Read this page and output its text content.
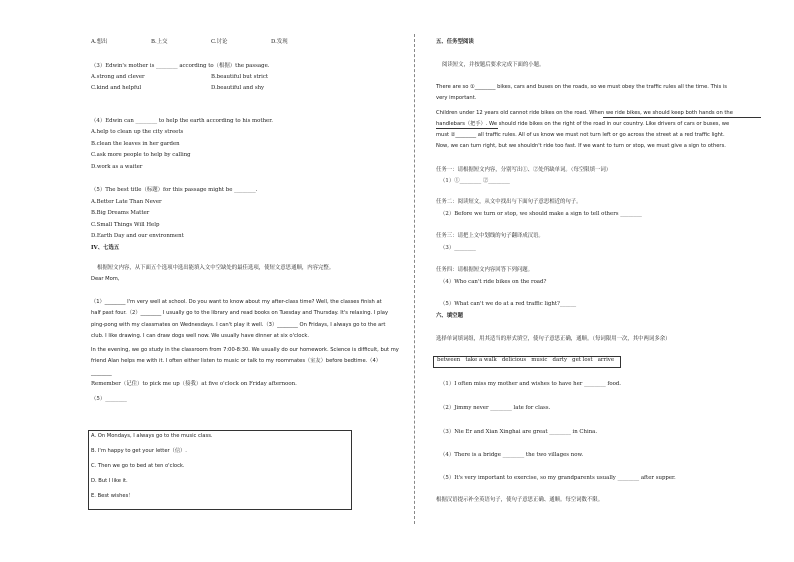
A.想出	B.上交	C.讨论	D.发现
（3）Edwin's mother is ________ according to（根据）the passage.
A.strong and clever	B.beautiful but strict
C.kind and helpful	D.beautiful and shy
（4）Edwin can ________ to help the earth according to his mother.
A.help to clean up the city streets
B.clean the leaves in her garden
C.ask more people to help by calling
D.work as a waiter
（5）The best title（标题）for this passage might be ________.
A.Better Late Than Never
B.Big Dreams Matter
C.Small Things Will Help
D.Earth Day and our environment
IV、七选五
根据短文内容，从下面五个选项中选出能填入文中空缺处的最佳选项，使短文意思通顺，内容完整。
Dear Mom,
（1）________ I'm very well at school. Do you want to know about my after-class time? Well, the classes finish at
half past four.（2）________ I usually go to the library and read books on Tuesday and Thursday. It's relaxing. I play
ping-pong with my classmates on Wednesdays. I can't play it well.（3）________ On Fridays, I always go to the art
club. I like drawing. I can draw dogs well now. We usually have dinner at six o'clock.
In the evening, we go study in the classroom from 7:00-8:30. We usually do our homework. Science is difficult, but my
friend Alan helps me with it. I often either listen to music or talk to my roommates（室友）before bedtime.（4）
________
Remember（记住）to pick me up（接我）at five o'clock on Friday afternoon.
（5）________
A. On Mondays, I always go to the music class.
B. I'm happy to get your letter（信）.
C. Then we go to bed at ten o'clock.
D. But I like it.
E. Best wishes！
五、任务型阅读
阅读短文，并按题后要求完成下面的小题。
There are so ①________ bikes, cars and buses on the roads, so we must obey the traffic rules all the time. This is
very important.
Children under 12 years old cannot ride bikes on the road. When we ride bikes, we should keep both hands on the
handlebars（把手）. We should ride bikes on the right of the road in our country. Like drivers of cars or buses, we
must ②________ all traffic rules. All of us know we must not turn left or go across the street at a red traffic light.
Now, we can turn right, but we shouldn't ride too fast. If we want to turn or stop, we must give a sign to others.
任务一：请根据短文内容，分别写出①、②处所缺单词。（每空限填一词）
（1）①________ ②________
任务二：阅读短文，从文中找出与下面句子意思相近的句子。
（2）Before we turn or stop, we should make a sign to tell others ________
任务三：请把上文中划线的句子翻译成汉语。
（3）________
任务四：请根据短文内容回答下列问题。
（4）Who can't ride bikes on the road?
（5）What can't we do at a red traffic light?______
六、填空题
选择单词填词组，用其适当的形式填空，使句子意思正确，通顺。（每词限用一次，其中两词多余）
between   take a walk   delicious   music   darty   get lost   arrive
（1）I often miss my mother and wishes to have her ________ food.
（2）Jimmy never ________ late for class.
（3）Nie Er and Xian Xinghai are great ________ in China.
（4）There is a bridge ________ the two villages now.
（5）It's very important to exercise, so my grandparents usually ________ after supper.
根据汉语提示补全英语句子，使句子意思正确、通顺。每空词数不限。
